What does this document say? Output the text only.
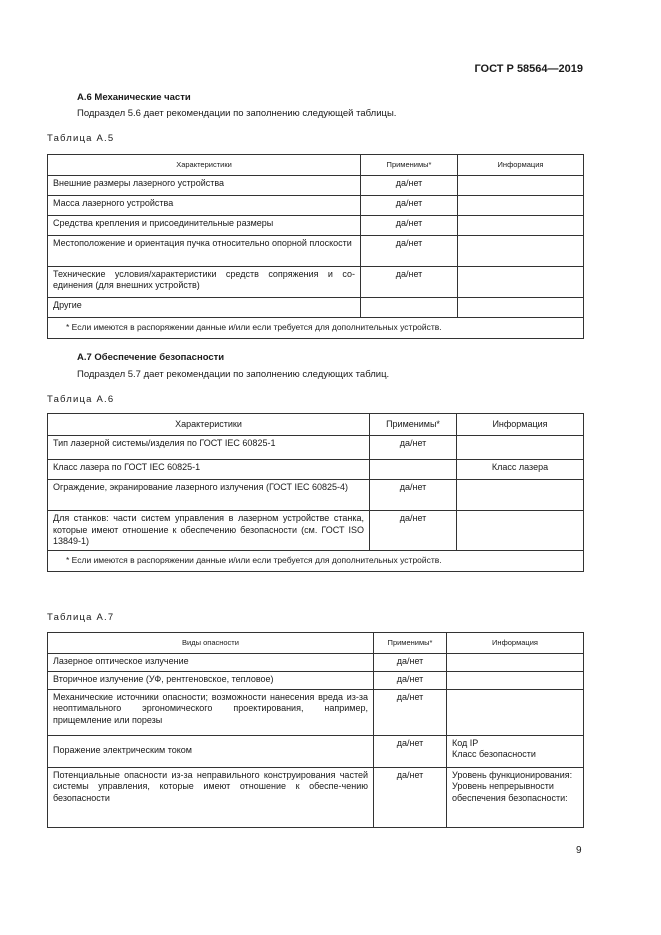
ГОСТ Р 58564—2019
А.6 Механические части
Подраздел 5.6 дает рекомендации по заполнению следующей таблицы.
Таблица А.5
Характеристики	Применимы*	Информация
Внешние размеры лазерного устройства	да/нет	
Масса лазерного устройства	да/нет	
Средства крепления и присоединительные размеры	да/нет	
Местоположение и ориентация пучка относительно опорной плоскости	да/нет	
Технические условия/характеристики средств сопряжения и со-единения (для внешних устройств)	да/нет	
Другие		
* Если имеются в распоряжении данные и/или если требуется для дополнительных устройств.		
А.7 Обеспечение безопасности
Подраздел 5.7 дает рекомендации по заполнению следующих таблиц.
Таблица А.6
Характеристики	Применимы*	Информация
Тип лазерной системы/изделия по ГОСТ IEC 60825-1	да/нет	
Класс лазера по ГОСТ IEC 60825-1		Класс лазера
Ограждение, экранирование лазерного излучения (ГОСТ IEC 60825-4)	да/нет	
Для станков: части систем управления в лазерном устройстве станка, которые имеют отношение к обеспечению безопасности (см. ГОСТ ISO 13849-1)	да/нет	
* Если имеются в распоряжении данные и/или если требуется для дополнительных устройств.		
Таблица А.7
Виды опасности	Применимы*	Информация
Лазерное оптическое излучение	да/нет	
Вторичное излучение (УФ, рентгеновское, тепловое)	да/нет	
Механические источники опасности; возможности нанесения вреда из-за неоптимального эргономического проектирования, например, прищемление или порезы	да/нет	
Поражение электрическим током	да/нет	Код IP
Класс безопасности
Потенциальные опасности из-за неправильного конструирования частей системы управления, которые имеют отношение к обеспе-чению безопасности	да/нет	Уровень функционирования:
Уровень непрерывности обеспечения безопасности:
9
